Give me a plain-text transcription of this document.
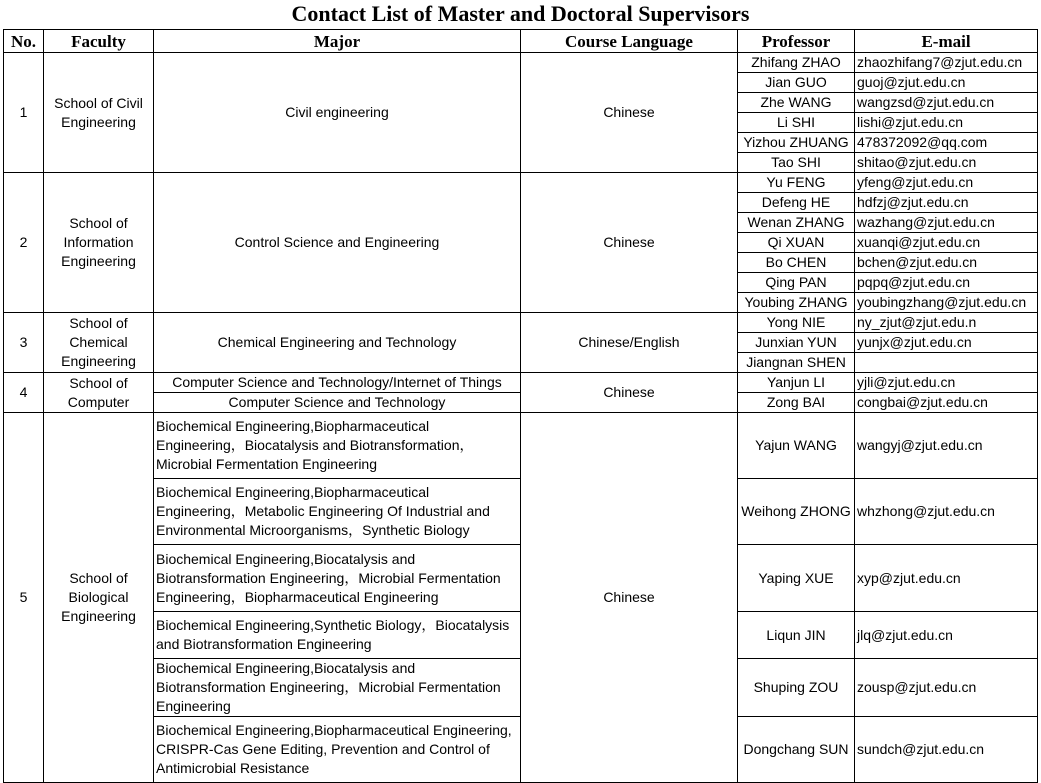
Contact List of Master and Doctoral Supervisors
No.	Faculty	Major	Course Language	Professor	E-mail
1	School of Civil Engineering	Civil engineering	Chinese	Zhifang ZHAO	zhaozhifang7@zjut.edu.cn
				Jian GUO	guoj@zjut.edu.cn
				Zhe WANG	wangzsd@zjut.edu.cn
				Li SHI	lishi@zjut.edu.cn
				Yizhou ZHUANG	478372092@qq.com
				Tao SHI	shitao@zjut.edu.cn
2	School of Information Engineering	Control Science and Engineering	Chinese	Yu FENG	yfeng@zjut.edu.cn
				Defeng HE	hdfzj@zjut.edu.cn
				Wenan ZHANG	wazhang@zjut.edu.cn
				Qi XUAN	xuanqi@zjut.edu.cn
				Bo CHEN	bchen@zjut.edu.cn
				Qing PAN	pqpq@zjut.edu.cn
				Youbing ZHANG	youbingzhang@zjut.edu.cn
3	School of Chemical Engineering	Chemical Engineering and Technology	Chinese/English	Yong NIE	ny_zjut@zjut.edu.n
				Junxian YUN	yunjx@zjut.edu.cn
				Jiangnan SHEN	
4	School of Computer	Computer Science and Technology/Internet of Things	Chinese	Yanjun LI	yjli@zjut.edu.cn
		Computer Science and Technology		Zong BAI	congbai@zjut.edu.cn
5	School of Biological Engineering	Biochemical Engineering,Biopharmaceutical Engineering，Biocatalysis and Biotransformation，Microbial Fermentation Engineering	Chinese	Yajun WANG	wangyj@zjut.edu.cn
		Biochemical Engineering,Biopharmaceutical Engineering，Metabolic Engineering Of Industrial and Environmental Microorganisms，Synthetic Biology		Weihong ZHONG	whzhong@zjut.edu.cn
		Biochemical Engineering,Biocatalysis and Biotransformation Engineering，Microbial Fermentation Engineering，Biopharmaceutical Engineering		Yaping XUE	xyp@zjut.edu.cn
		Biochemical Engineering,Synthetic Biology，Biocatalysis and Biotransformation Engineering		Liqun JIN	jlq@zjut.edu.cn
		Biochemical Engineering,Biocatalysis and Biotransformation Engineering，Microbial Fermentation Engineering		Shuping ZOU	zousp@zjut.edu.cn
		Biochemical Engineering,Biopharmaceutical Engineering, CRISPR-Cas Gene Editing, Prevention and Control of Antimicrobial Resistance		Dongchang SUN	sundch@zjut.edu.cn
